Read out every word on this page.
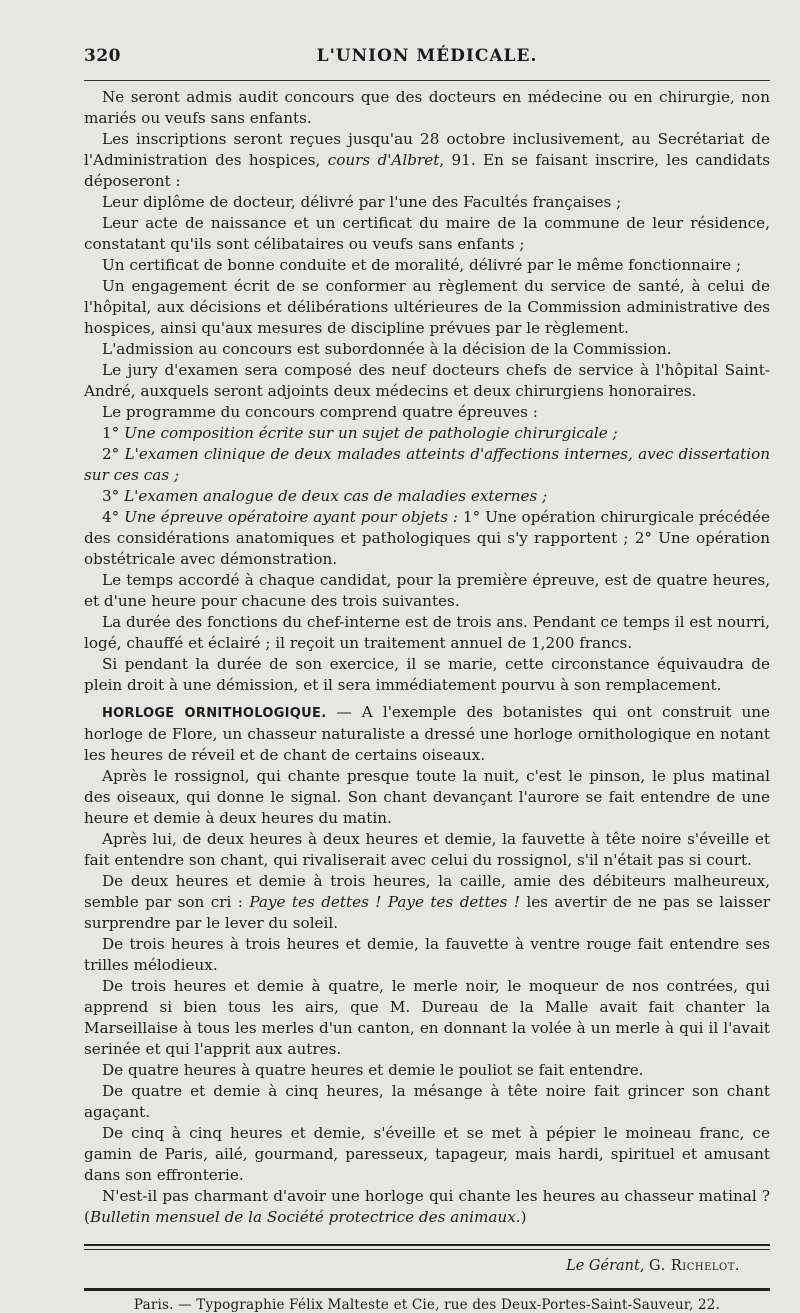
320	L'UNION MÉDICALE.

Ne seront admis audit concours que des docteurs en médecine ou en chirurgie, non mariés ou veufs sans enfants.

Les inscriptions seront reçues jusqu'au 28 octobre inclusivement, au Secrétariat de l'Administration des hospices, cours d'Albret, 91. En se faisant inscrire, les candidats déposeront :

Leur diplôme de docteur, délivré par l'une des Facultés françaises ;

Leur acte de naissance et un certificat du maire de la commune de leur résidence, constatant qu'ils sont célibataires ou veufs sans enfants ;

Un certificat de bonne conduite et de moralité, délivré par le même fonctionnaire ;

Un engagement écrit de se conformer au règlement du service de santé, à celui de l'hôpital, aux décisions et délibérations ultérieures de la Commission administrative des hospices, ainsi qu'aux mesures de discipline prévues par le règlement.

L'admission au concours est subordonnée à la décision de la Commission.

Le jury d'examen sera composé des neuf docteurs chefs de service à l'hôpital Saint-André, auxquels seront adjoints deux médecins et deux chirurgiens honoraires.

Le programme du concours comprend quatre épreuves :

1° Une composition écrite sur un sujet de pathologie chirurgicale ;

2° L'examen clinique de deux malades atteints d'affections internes, avec dissertation sur ces cas ;

3° L'examen analogue de deux cas de maladies externes ;

4° Une épreuve opératoire ayant pour objets : 1° Une opération chirurgicale précédée des considérations anatomiques et pathologiques qui s'y rapportent ; 2° Une opération obstétricale avec démonstration.

Le temps accordé à chaque candidat, pour la première épreuve, est de quatre heures, et d'une heure pour chacune des trois suivantes.

La durée des fonctions du chef-interne est de trois ans. Pendant ce temps il est nourri, logé, chauffé et éclairé ; il reçoit un traitement annuel de 1,200 francs.

Si pendant la durée de son exercice, il se marie, cette circonstance équivaudra de plein droit à une démission, et il sera immédiatement pourvu à son remplacement.

HORLOGE ORNITHOLOGIQUE. — A l'exemple des botanistes qui ont construit une horloge de Flore, un chasseur naturaliste a dressé une horloge ornithologique en notant les heures de réveil et de chant de certains oiseaux.

Après le rossignol, qui chante presque toute la nuit, c'est le pinson, le plus matinal des oiseaux, qui donne le signal. Son chant devançant l'aurore se fait entendre de une heure et demie à deux heures du matin.

Après lui, de deux heures à deux heures et demie, la fauvette à tête noire s'éveille et fait entendre son chant, qui rivaliserait avec celui du rossignol, s'il n'était pas si court.

De deux heures et demie à trois heures, la caille, amie des débiteurs malheureux, semble par son cri : Paye tes dettes ! Paye tes dettes ! les avertir de ne pas se laisser surprendre par le lever du soleil.

De trois heures à trois heures et demie, la fauvette à ventre rouge fait entendre ses trilles mélodieux.

De trois heures et demie à quatre, le merle noir, le moqueur de nos contrées, qui apprend si bien tous les airs, que M. Dureau de la Malle avait fait chanter la Marseillaise à tous les merles d'un canton, en donnant la volée à un merle à qui il l'avait serinée et qui l'apprit aux autres.

De quatre heures à quatre heures et demie le pouliot se fait entendre.

De quatre et demie à cinq heures, la mésange à tête noire fait grincer son chant agaçant.

De cinq à cinq heures et demie, s'éveille et se met à pépier le moineau franc, ce gamin de Paris, ailé, gourmand, paresseux, tapageur, mais hardi, spirituel et amusant dans son effronterie.

N'est-il pas charmant d'avoir une horloge qui chante les heures au chasseur matinal ? (Bulletin mensuel de la Société protectrice des animaux.)

Le Gérant, G. Richelot.
Paris. — Typographie Félix Malteste et Cie, rue des Deux-Portes-Saint-Sauveur, 22.
